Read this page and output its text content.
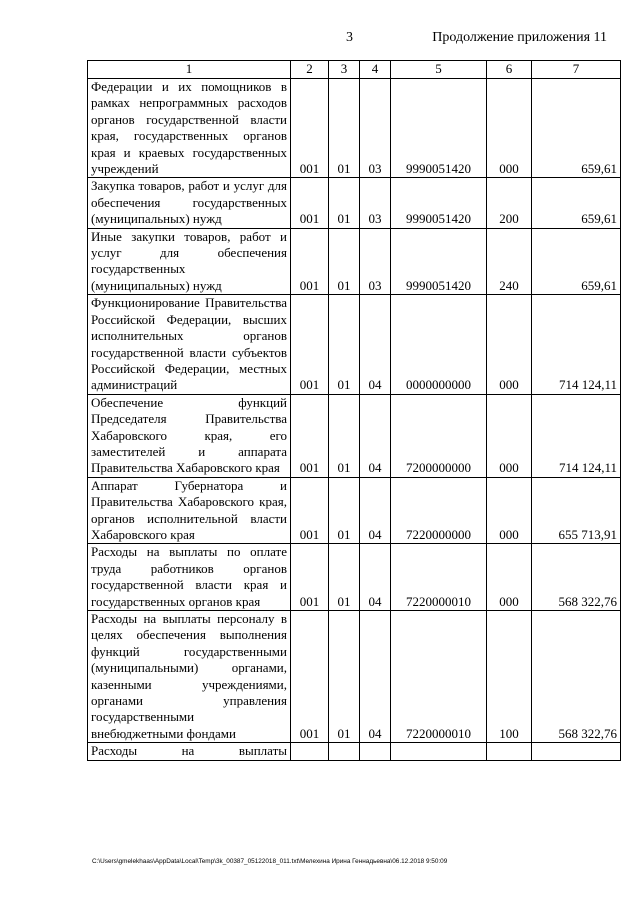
3	Продолжение приложения 11
1	2	3	4	5	6	7
Федерации и их помощников в рамках непрограммных расходов органов государственной власти края, государственных органов края и краевых государственных учреждений	001	01	03	9990051420	000	659,61
Закупка товаров, работ и услуг для обеспечения государственных (муниципальных) нужд	001	01	03	9990051420	200	659,61
Иные закупки товаров, работ и услуг для обеспечения государственных (муниципальных) нужд	001	01	03	9990051420	240	659,61
Функционирование Правительства Российской Федерации, высших исполнительных органов государственной власти субъектов Российской Федерации, местных администраций	001	01	04	0000000000	000	714 124,11
Обеспечение функций Председателя Правительства Хабаровского края, его заместителей и аппарата Правительства Хабаровского края	001	01	04	7200000000	000	714 124,11
Аппарат Губернатора и Правительства Хабаровского края, органов исполнительной власти Хабаровского края	001	01	04	7220000000	000	655 713,91
Расходы на выплаты по оплате труда работников органов государственной власти края и государственных органов края	001	01	04	7220000010	000	568 322,76
Расходы на выплаты персоналу в целях обеспечения выполнения функций государственными (муниципальными) органами, казенными учреждениями, органами управления государственными внебюджетными фондами	001	01	04	7220000010	100	568 322,76
Расходы на выплаты						
C:\Users\gmelekhaas\AppData\Local\Temp\3k_00387_05122018_011.txt\Мелехина Ирина Геннадьевна\06.12.2018 9:50:09
